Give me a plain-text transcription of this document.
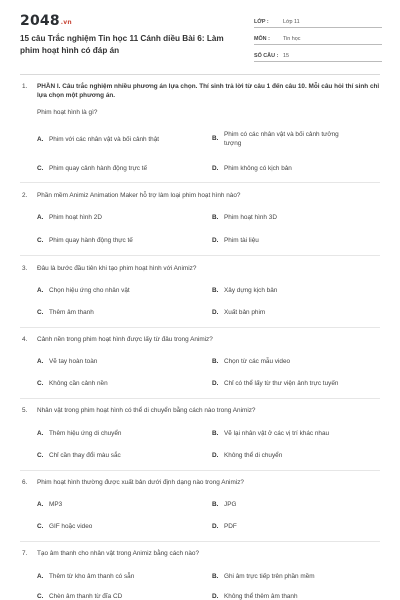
2048.vn
15 câu Trắc nghiệm Tin học 11 Cánh diều Bài 6: Làm phim hoạt hình có đáp án
LỚP :	Lớp 11
MÔN :	Tin học
SỐ CÂU : 15
1.	PHẦN I. Câu trắc nghiệm nhiều phương án lựa chọn. Thí sinh trả lời từ câu 1 đến câu 10. Mỗi câu hỏi thí sinh chỉ lựa chọn một phương án.
Phim hoạt hình là gì?
A. Phim với các nhân vật và bối cảnh thật	B.Phim có các nhân vật và bối cảnh tưởng tượng
C. Phim quay cảnh hành động trực tế	D. Phim không có kịch bản
2.	Phần mềm Animiz Animation Maker hỗ trợ làm loại phim hoạt hình nào?
A. Phim hoạt hình 2D	B. Phim hoạt hình 3D
C. Phim quay hành động thực tế	D. Phim tài liệu
3.	Đâu là bước đầu tiên khi tạo phim hoạt hình với Animiz?
A. Chọn hiệu ứng cho nhân vật	B. Xây dựng kịch bản
C. Thêm âm thanh	D. Xuất bản phim
4.	Cảnh nền trong phim hoạt hình được lấy từ đâu trong Animiz?
A. Vẽ tay hoàn toàn	B. Chọn từ các mẫu video
C. Không cần cảnh nền	D. Chỉ có thể lấy từ thư viện ảnh trực tuyến
5.	Nhân vật trong phim hoạt hình có thể di chuyển bằng cách nào trong Animiz?
A. Thêm hiệu ứng di chuyển	B. Vẽ lại nhân vật ở các vị trí khác nhau
C. Chỉ cần thay đổi màu sắc	D. Không thể di chuyển
6.	Phim hoạt hình thường được xuất bản dưới định dạng nào trong Animiz?
A. MP3	B. JPG
C. GIF hoặc video	D. PDF
7.	Tạo âm thanh cho nhân vật trong Animiz bằng cách nào?
A. Thêm từ kho âm thanh có sẵn	B. Ghi âm trực tiếp trên phần mềm
C. Chèn âm thanh từ đĩa CD	D. Không thể thêm âm thanh
